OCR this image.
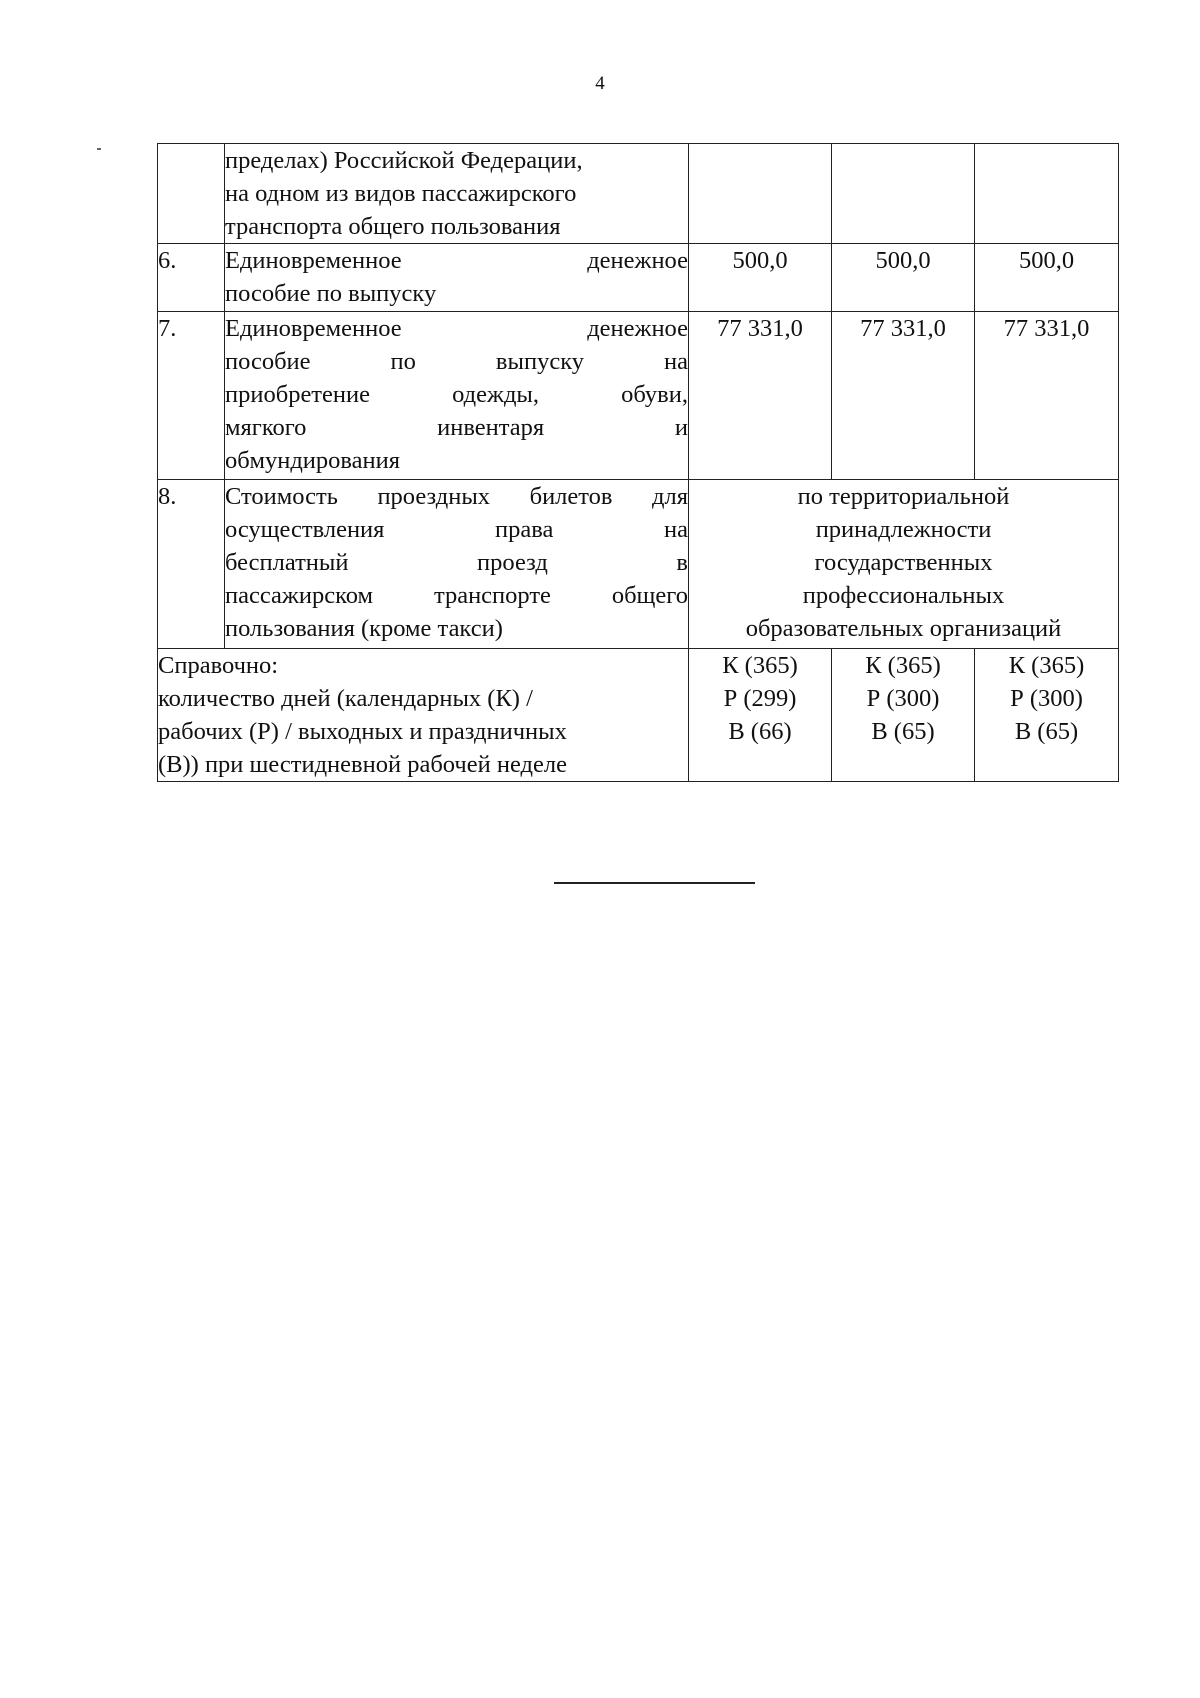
4

	пределах) Российской Федерации,
на одном из видов пассажирского
транспорта общего пользования			

6.	Единовременное денежное
пособие по выпуску	500,0	500,0	500,0
7.	Единовременное денежное
пособие по выпуску на
приобретение одежды, обуви,
мягкого инвентаря и
обмундирования	77 331,0	77 331,0	77 331,0
8.	Стоимость проездных билетов для
осуществления права на
бесплатный проезд в
пассажирском транспорте общего
пользования (кроме такси)	по территориальной
принадлежности
государственных
профессиональных
образовательных организаций		

Справочно:
количество дней (календарных (К) /
рабочих (Р) / выходных и праздничных
(В)) при шестидневной рабочей неделе		К (365)
Р (299)
В (66)	К (365)
Р (300)
В (65)	К (365)
Р (300)
В (65)
